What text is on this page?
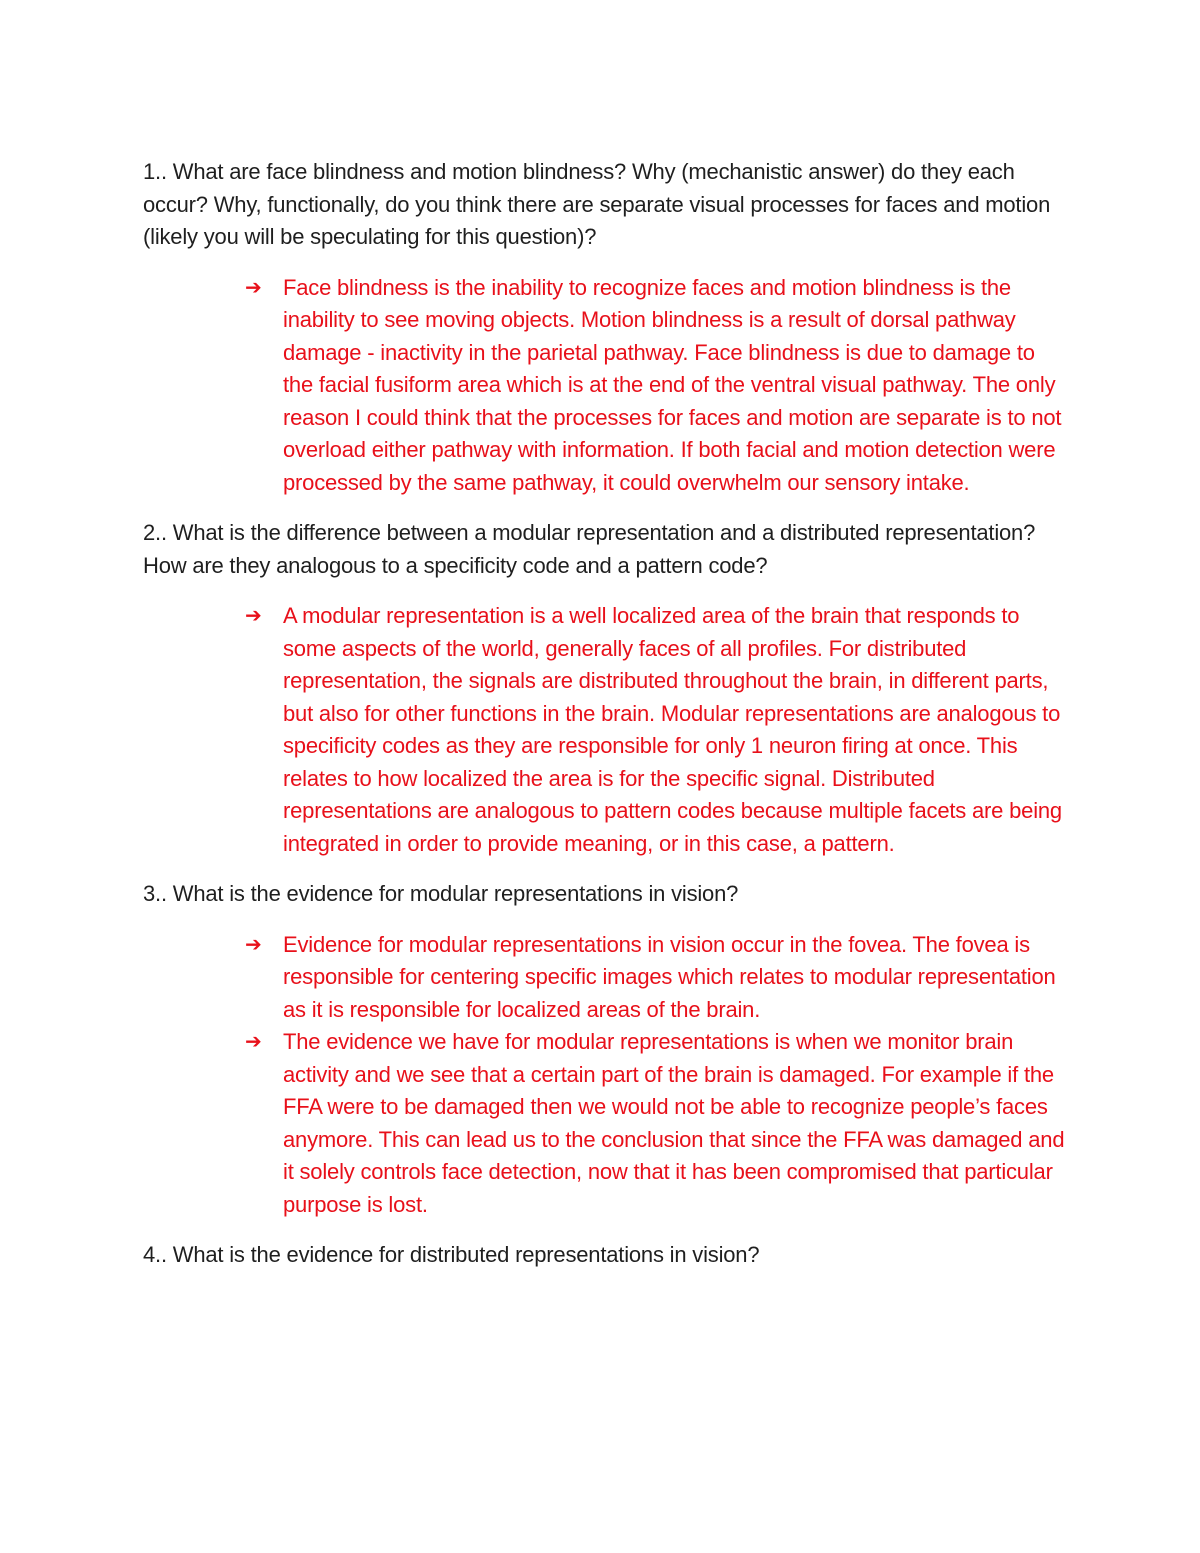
1.. What are face blindness and motion blindness? Why (mechanistic answer) do they each occur? Why, functionally, do you think there are separate visual processes for faces and motion (likely you will be speculating for this question)?

➔ Face blindness is the inability to recognize faces and motion blindness is the inability to see moving objects. Motion blindness is a result of dorsal pathway damage - inactivity in the parietal pathway. Face blindness is due to damage to the facial fusiform area which is at the end of the ventral visual pathway. The only reason I could think that the processes for faces and motion are separate is to not overload either pathway with information. If both facial and motion detection were processed by the same pathway, it could overwhelm our sensory intake.

2.. What is the difference between a modular representation and a distributed representation? How are they analogous to a specificity code and a pattern code?

➔ A modular representation is a well localized area of the brain that responds to some aspects of the world, generally faces of all profiles. For distributed representation, the signals are distributed throughout the brain, in different parts, but also for other functions in the brain. Modular representations are analogous to specificity codes as they are responsible for only 1 neuron firing at once. This relates to how localized the area is for the specific signal. Distributed representations are analogous to pattern codes because multiple facets are being integrated in order to provide meaning, or in this case, a pattern.

3.. What is the evidence for modular representations in vision?

➔ Evidence for modular representations in vision occur in the fovea. The fovea is responsible for centering specific images which relates to modular representation as it is responsible for localized areas of the brain.
➔ The evidence we have for modular representations is when we monitor brain activity and we see that a certain part of the brain is damaged. For example if the FFA were to be damaged then we would not be able to recognize people’s faces anymore. This can lead us to the conclusion that since the FFA was damaged and it solely controls face detection, now that it has been compromised that particular purpose is lost.

4.. What is the evidence for distributed representations in vision?
